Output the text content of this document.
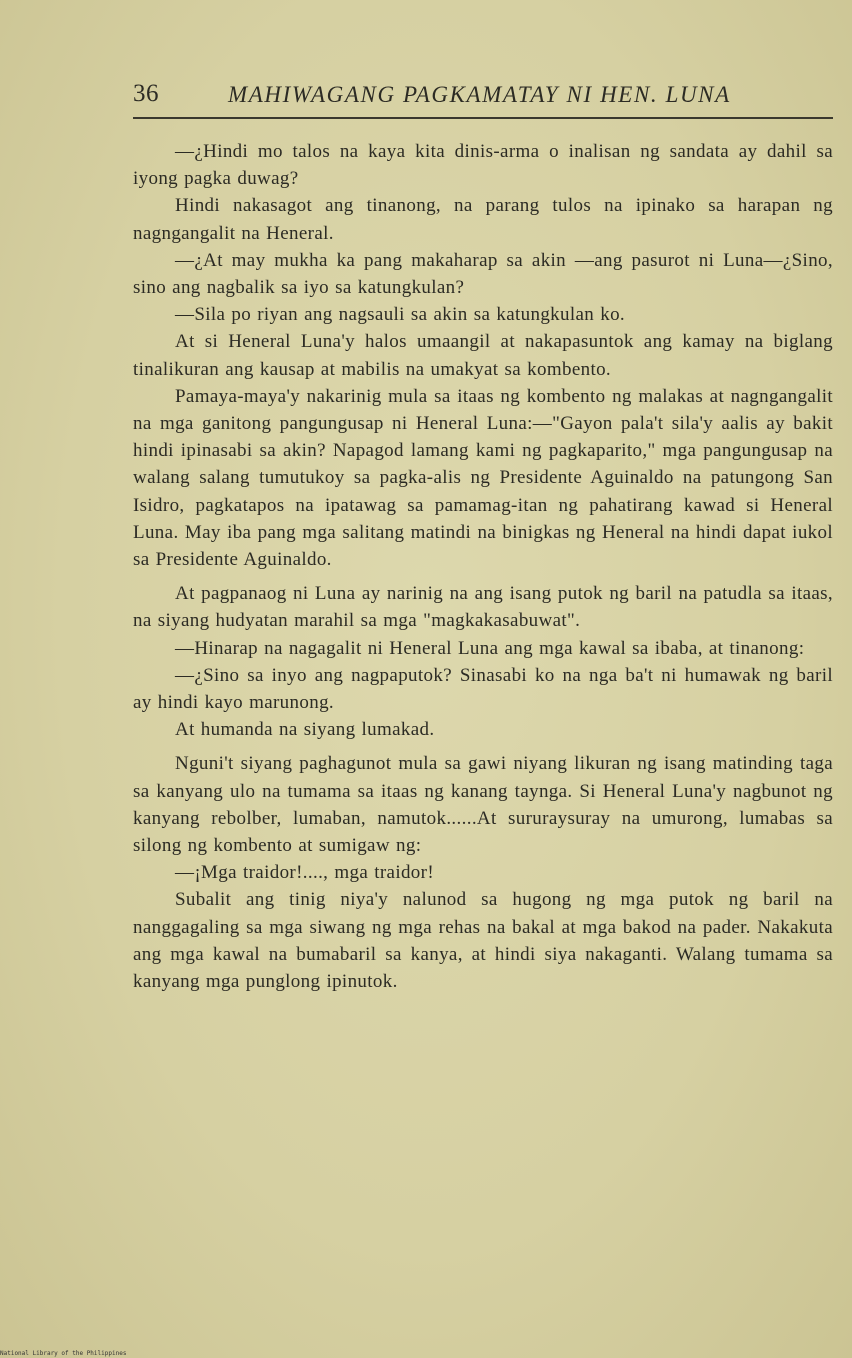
36	MAHIWAGANG PAGKAMATAY NI HEN. LUNA

—¿Hindi mo talos na kaya kita dinis-arma o inalisan ng sandata ay dahil sa iyong pagka duwag?

Hindi nakasagot ang tinanong, na parang tulos na ipinako sa harapan ng nagngangalit na Heneral.

—¿At may mukha ka pang makaharap sa akin —ang pasurot ni Luna—¿Sino, sino ang nagbalik sa iyo sa katungkulan?

—Sila po riyan ang nagsauli sa akin sa katungkulan ko.

At si Heneral Luna'y halos umaangil at nakapasuntok ang kamay na biglang tinalikuran ang kausap at mabilis na umakyat sa kombento.

Pamaya-maya'y nakarinig mula sa itaas ng kombento ng malakas at nagngangalit na mga ganitong pangungusap ni Heneral Luna:—"Gayon pala't sila'y aalis ay bakit hindi ipinasabi sa akin? Napagod lamang kami ng pagkaparito," mga pangungusap na walang salang tumutukoy sa pagka-alis ng Presidente Aguinaldo na patungong San Isidro, pagkatapos na ipatawag sa pamamag-itan ng pahatirang kawad si Heneral Luna. May iba pang mga salitang matindi na binigkas ng Heneral na hindi dapat iukol sa Presidente Aguinaldo.

At pagpanaog ni Luna ay narinig na ang isang putok ng baril na patudla sa itaas, na siyang hudyatan marahil sa mga "magkakasabuwat".

—Hinarap na nagagalit ni Heneral Luna ang mga kawal sa ibaba, at tinanong:

—¿Sino sa inyo ang nagpaputok? Sinasabi ko na nga ba't ni humawak ng baril ay hindi kayo marunong.

At humanda na siyang lumakad.

Nguni't siyang paghagunot mula sa gawi niyang likuran ng isang matinding taga sa kanyang ulo na tumama sa itaas ng kanang taynga. Si Heneral Luna'y nagbunot ng kanyang rebolber, lumaban, namutok......At sururaysuray na umurong, lumabas sa silong ng kombento at sumigaw ng:

—¡Mga traidor!...., mga traidor!

Subalit ang tinig niya'y nalunod sa hugong ng mga putok ng baril na nanggagaling sa mga siwang ng mga rehas na bakal at mga bakod na pader. Nakakuta ang mga kawal na bumabaril sa kanya, at hindi siya nakaganti. Walang tumama sa kanyang mga punglong ipinutok.

National Library of the Philippines
